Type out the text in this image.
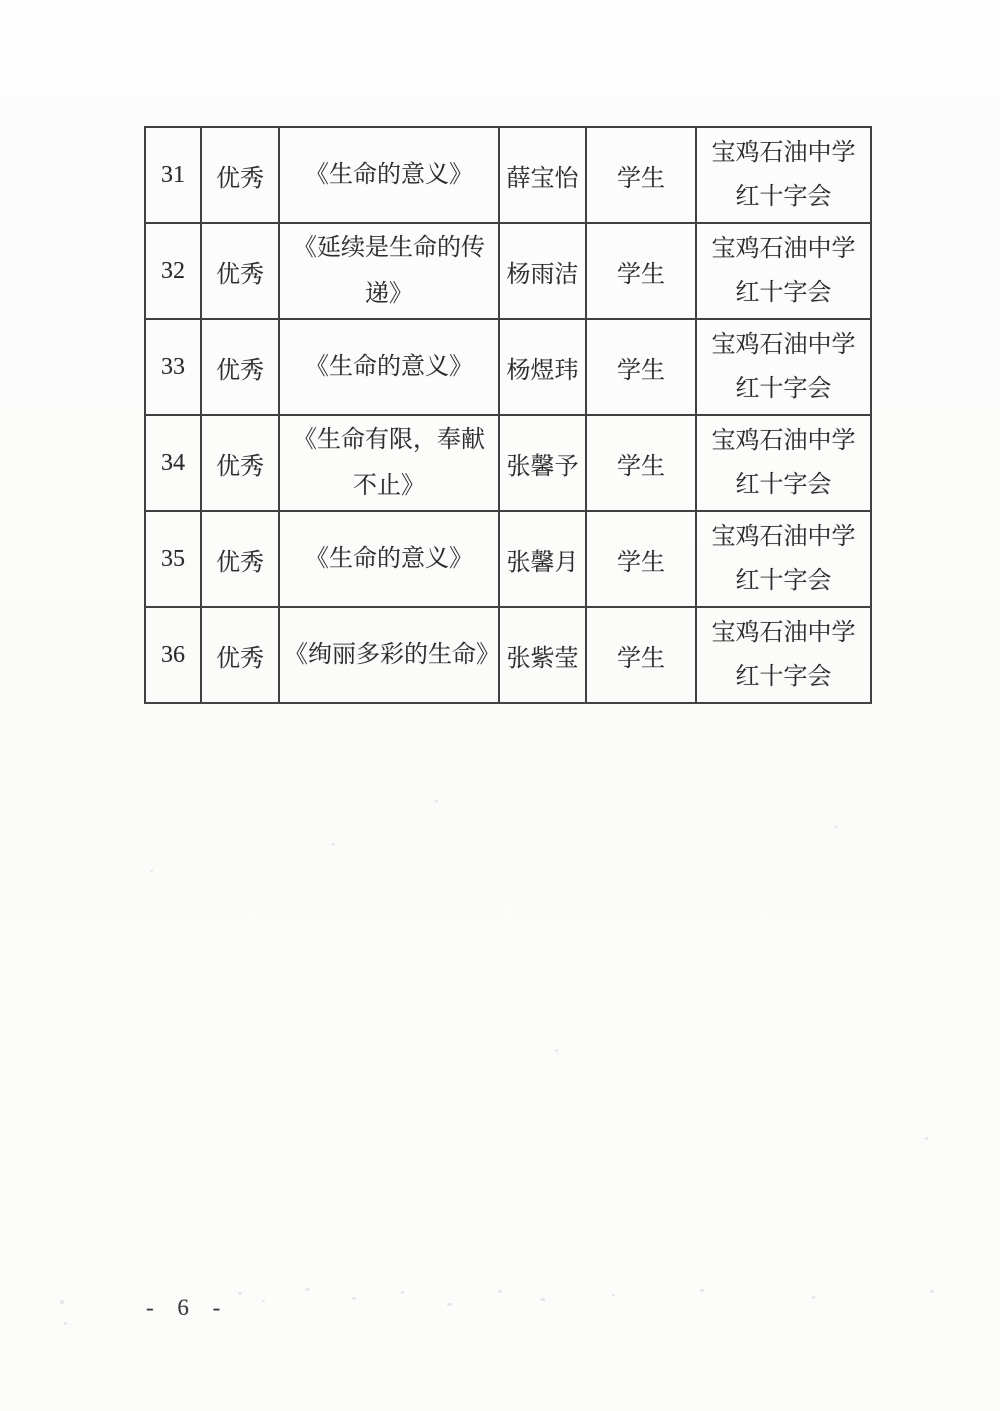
31	优秀	《生命的意义》	薛宝怡	学生	宝鸡石油中学
红十字会

32	优秀	《延续是生命的传递》	杨雨洁	学生	宝鸡石油中学
红十字会

33	优秀	《生命的意义》	杨煜玮	学生	宝鸡石油中学
红十字会

34	优秀	《生命有限，奉献不止》	张馨予	学生	宝鸡石油中学
红十字会

35	优秀	《生命的意义》	张馨月	学生	宝鸡石油中学
红十字会

36	优秀	《绚丽多彩的生命》	张紫莹	学生	宝鸡石油中学
红十字会
- 6 -
